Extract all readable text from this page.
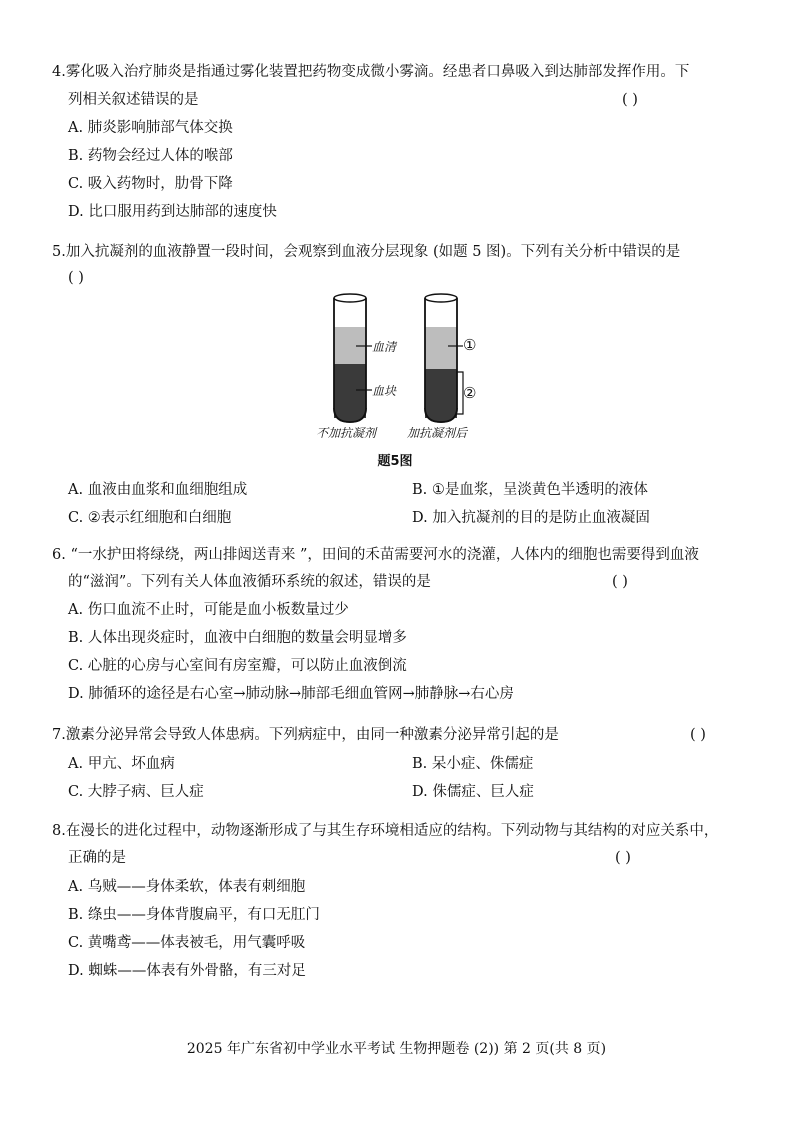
4.雾化吸入治疗肺炎是指通过雾化装置把药物变成微小雾滴。经患者口鼻吸入到达肺部发挥作用。下
列相关叙述错误的是	( )
A. 肺炎影响肺部气体交换
B. 药物会经过人体的喉部
C. 吸入药物时，肋骨下降
D. 比口服用药到达肺部的速度快
5.加入抗凝剂的血液静置一段时间，会观察到血液分层现象 (如题 5 图)。下列有关分析中错误的是
( )
血清
血块
①
②
不加抗凝剂	加抗凝剂后
题5图
A. 血液由血浆和血细胞组成	B. ①是血浆，呈淡黄色半透明的液体
C. ②表示红细胞和白细胞	D. 加入抗凝剂的目的是防止血液凝固
6. “一水护田将绿绕，两山排闼送青来 ”，田间的禾苗需要河水的浇灌，人体内的细胞也需要得到血液
的“滋润”。下列有关人体血液循环系统的叙述，错误的是	( )
A. 伤口血流不止时，可能是血小板数量过少
B. 人体出现炎症时，血液中白细胞的数量会明显增多
C. 心脏的心房与心室间有房室瓣，可以防止血液倒流
D. 肺循环的途径是右心室→肺动脉→肺部毛细血管网→肺静脉→右心房
7.激素分泌异常会导致人体患病。下列病症中，由同一种激素分泌异常引起的是	( )
A. 甲亢、坏血病	B. 呆小症、侏儒症
C. 大脖子病、巨人症	D. 侏儒症、巨人症
8.在漫长的进化过程中，动物逐渐形成了与其生存环境相适应的结构。下列动物与其结构的对应关系中，
正确的是	( )
A. 乌贼——身体柔软，体表有刺细胞
B. 绦虫——身体背腹扁平，有口无肛门
C. 黄嘴鸢——体表被毛，用气囊呼吸
D. 蜘蛛——体表有外骨骼，有三对足
2025 年广东省初中学业水平考试 生物押题卷 (2)) 第 2 页(共 8 页)
